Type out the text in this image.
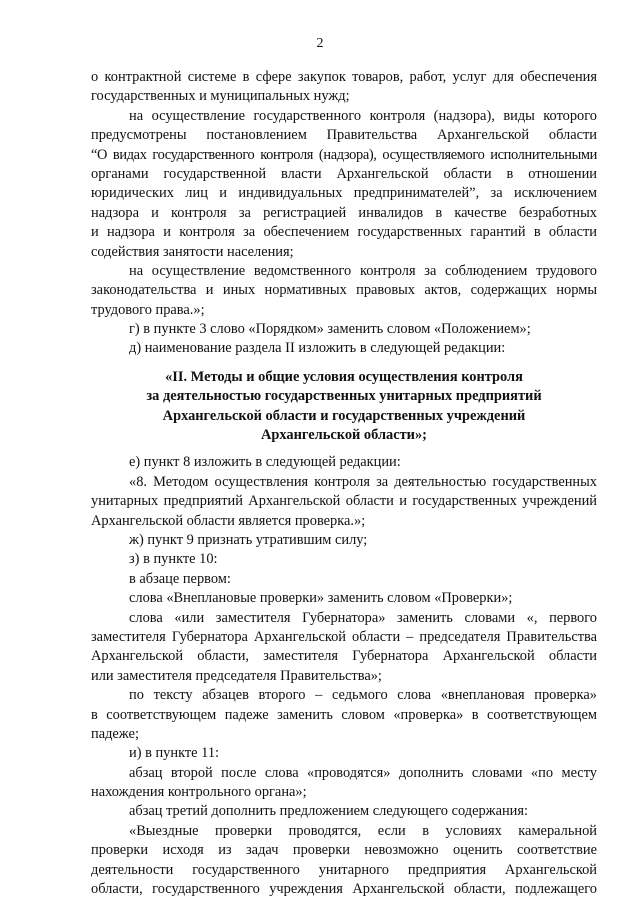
2
о контрактной системе в сфере закупок товаров, работ, услуг для обеспечения
государственных и муниципальных нужд;
на осуществление государственного контроля (надзора), виды которого
предусмотрены постановлением Правительства Архангельской области
“О видах государственного контроля (надзора), осуществляемого исполнительными
органами государственной власти Архангельской области в отношении
юридических лиц и индивидуальных предпринимателей”, за исключением
надзора и контроля за регистрацией инвалидов в качестве безработных
и надзора и контроля за обеспечением государственных гарантий в области
содействия занятости населения;
на осуществление ведомственного контроля за соблюдением трудового
законодательства и иных нормативных правовых актов, содержащих нормы
трудового права.»;
г) в пункте 3 слово «Порядком» заменить словом «Положением»;
д) наименование раздела II изложить в следующей редакции:
«II. Методы и общие условия осуществления контроля
за деятельностью государственных унитарных предприятий
Архангельской области и государственных учреждений
Архангельской области»;
е) пункт 8 изложить в следующей редакции:
«8. Методом осуществления контроля за деятельностью государственных
унитарных предприятий Архангельской области и государственных учреждений
Архангельской области является проверка.»;
ж) пункт 9 признать утратившим силу;
з) в пункте 10:
в абзаце первом:
слова «Внеплановые проверки» заменить словом «Проверки»;
слова «или заместителя Губернатора» заменить словами «, первого
заместителя Губернатора Архангельской области – председателя Правительства
Архангельской области, заместителя Губернатора Архангельской области
или заместителя председателя Правительства»;
по тексту абзацев второго – седьмого слова «внеплановая проверка»
в соответствующем падеже заменить словом «проверка» в соответствующем
падеже;
и) в пункте 11:
абзац второй после слова «проводятся» дополнить словами «по месту
нахождения контрольного органа»;
абзац третий дополнить предложением следующего содержания:
«Выездные проверки проводятся, если в условиях камеральной
проверки исходя из задач проверки невозможно оценить соответствие
деятельности государственного унитарного предприятия Архангельской
области, государственного учреждения Архангельской области, подлежащего
